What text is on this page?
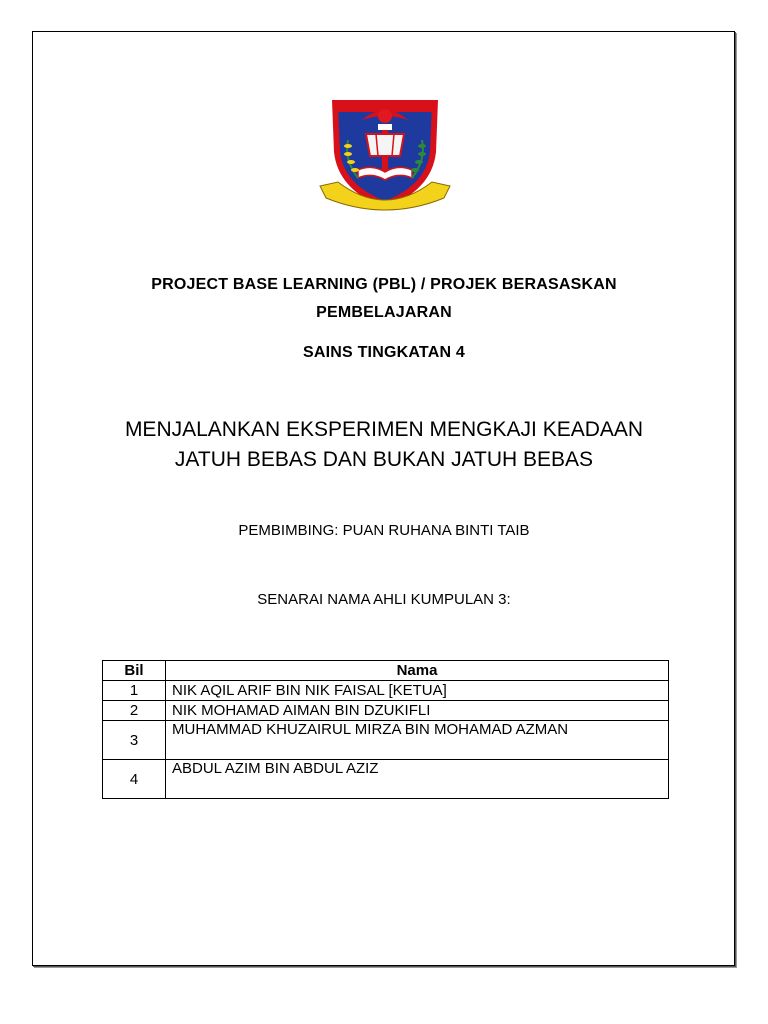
PROJECT BASE LEARNING (PBL) / PROJEK BERASASKAN
PEMBELAJARAN
SAINS TINGKATAN 4
MENJALANKAN EKSPERIMEN MENGKAJI KEADAAN
JATUH BEBAS DAN BUKAN JATUH BEBAS
PEMBIMBING: PUAN RUHANA BINTI TAIB
SENARAI NAMA AHLI KUMPULAN 3:
Bil	Nama
1	NIK AQIL ARIF BIN NIK FAISAL [KETUA]
2	NIK MOHAMAD AIMAN BIN DZUKIFLI
3	MUHAMMAD KHUZAIRUL MIRZA BIN MOHAMAD AZMAN
4	ABDUL AZIM BIN ABDUL AZIZ
